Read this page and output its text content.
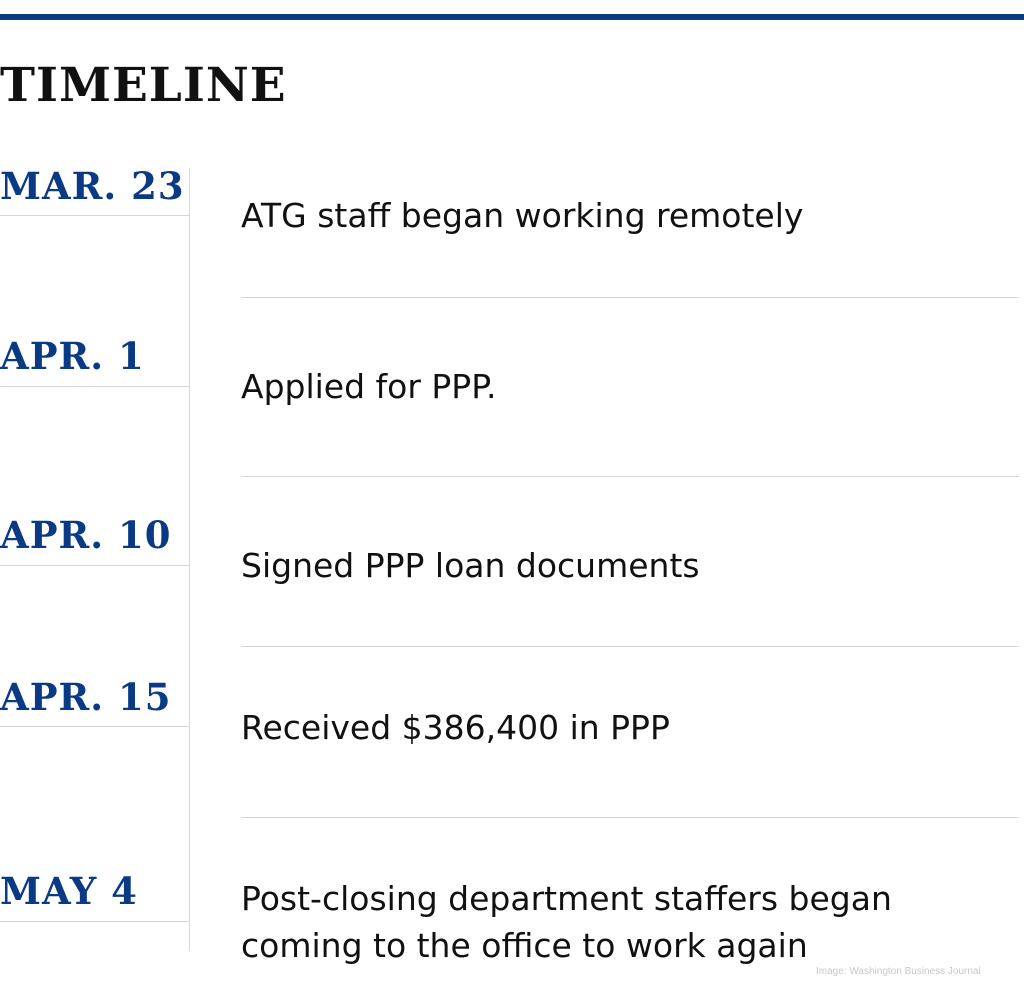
TIMELINE
MAR. 23

ATG staff began working remotely

APR. 1

Applied for PPP.

APR. 10

Signed PPP loan documents

APR. 15

Received $386,400 in PPP

MAY 4	Post-closing department staffers began coming to the office to work again

Image: Washington Business Journal
